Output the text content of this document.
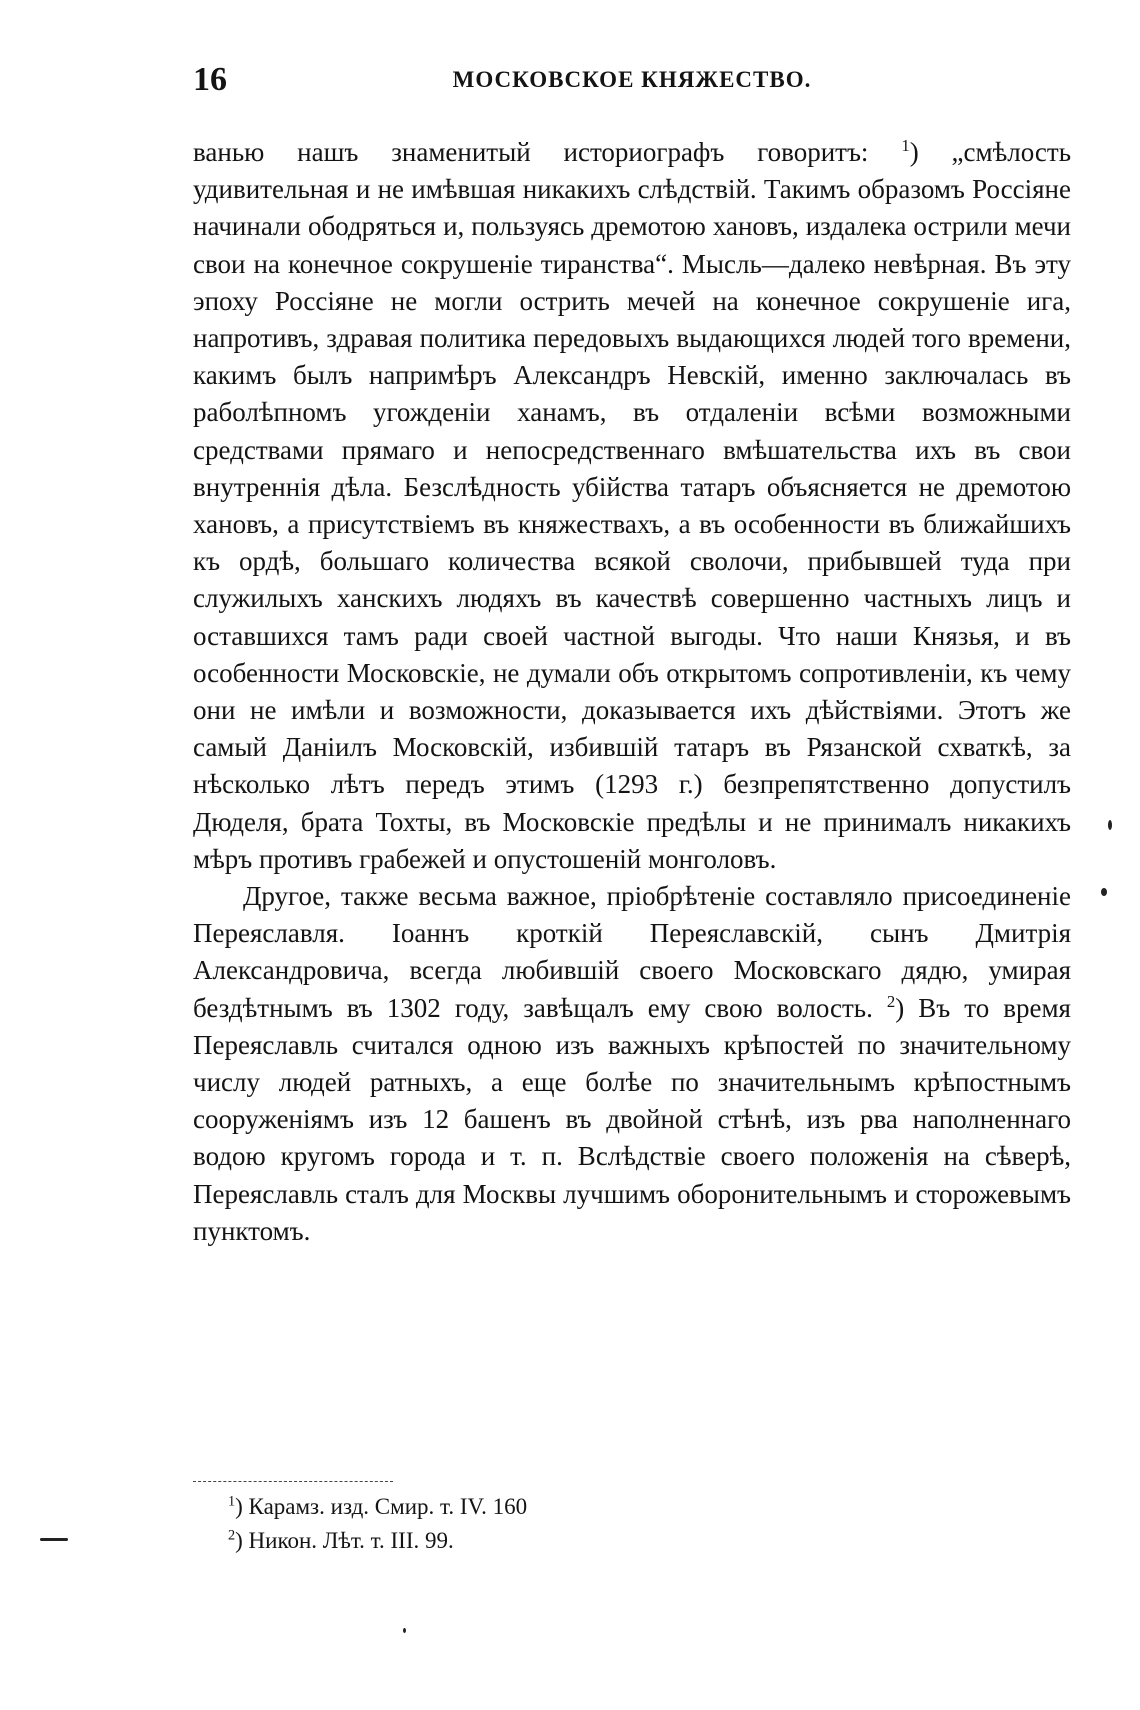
16	МОСКОВСКОЕ КНЯЖЕСТВО.

ванью нашъ знаменитый историографъ говоритъ: $^1$) „смѣлость удивительная и не имѣвшая никакихъ слѣдствій. Такимъ образомъ Россіяне начинали ободряться и, пользуясь дремотою хановъ, издалека острили мечи свои на конечное сокрушеніе тиранства“. Мысль—далеко невѣрная. Въ эту эпоху Россіяне не могли острить мечей на конечное сокрушеніе ига, напротивъ, здравая политика передовыхъ выдающихся людей того времени, какимъ былъ напримѣръ Александръ Невскій, именно заключалась въ раболѣпномъ угожденіи ханамъ, въ отдаленіи всѣми возможными средствами прямаго и непосредственнаго вмѣшательства ихъ въ свои внутреннія дѣла. Безслѣдность убійства татаръ объясняется не дремотою хановъ, а присутствіемъ въ княжествахъ, а въ особенности въ ближайшихъ къ ордѣ, большаго количества всякой сволочи, прибывшей туда при служилыхъ ханскихъ людяхъ въ качествѣ совершенно частныхъ лицъ и оставшихся тамъ ради своей частной выгоды. Что наши Князья, и въ особенности Московскіе, не думали объ открытомъ сопротивленіи, къ чему они не имѣли и возможности, доказывается ихъ дѣйствіями. Этотъ же самый Даніилъ Московскій, избившій татаръ въ Рязанской схваткѣ, за нѣсколько лѣтъ передъ этимъ (1293 г.) безпрепятственно допустилъ Дюделя, брата Тохты, въ Московскіе предѣлы и не принималъ никакихъ мѣръ противъ грабежей и опустошеній монголовъ.

Другое, также весьма важное, пріобрѣтеніе составляло присоединеніе Переяславля. Іоаннъ кроткій Переяславскій, сынъ Дмитрія Александровича, всегда любившій своего Московскаго дядю, умирая бездѣтнымъ въ 1302 году, завѣщалъ ему свою волость. $^2$) Въ то время Переяславль считался одною изъ важныхъ крѣпостей по значительному числу людей ратныхъ, а еще болѣе по значительнымъ крѣпостнымъ сооруженіямъ изъ 12 башенъ въ двойной стѣнѣ, изъ рва наполненнаго водою кругомъ города и т. п. Вслѣдствіе своего положенія на сѣверѣ, Переяславль сталъ для Москвы лучшимъ оборонительнымъ и сторожевымъ пунктомъ.

$^1$) Карамз. изд. Смир. т. IV. 160

$^2$) Никон. Лѣт. т. III. 99.
